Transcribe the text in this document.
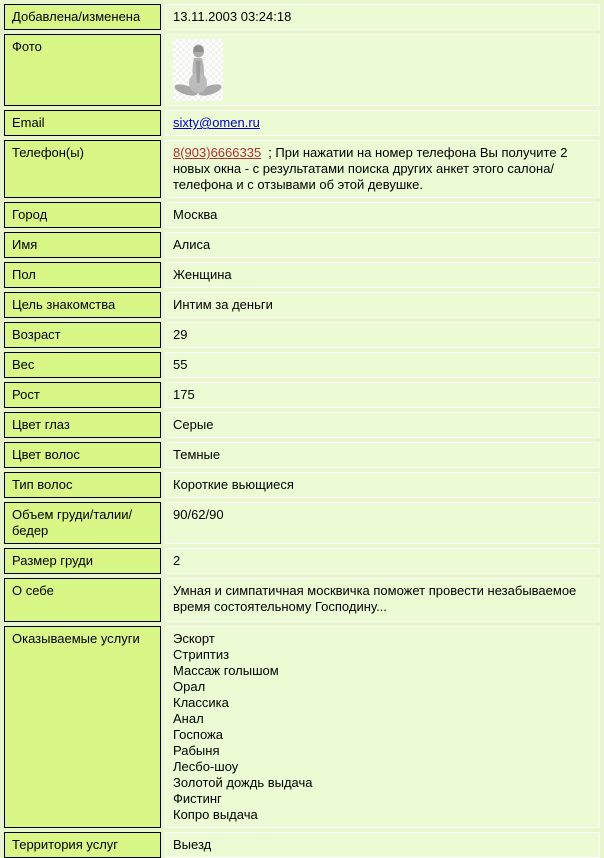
Добавлена/изменена	13.11.2003 03:24:18
Фото	

Email	sixty@omen.ru
Телефон(ы)	8(903)6666335 ; При нажатии на номер телефона Вы получите 2 новых окна - с результатами поиска других анкет этого салона/телефона и с отзывами об этой девушке.
Город	Москва
Имя	Алиса
Пол	Женщина
Цель знакомства	Интим за деньги
Возраст	29
Вес	55
Рост	175
Цвет глаз	Серые
Цвет волос	Темные
Тип волос	Короткие вьющиеся
Объем груди/талии/бедер	90/62/90
Размер груди	2
О себе	Умная и симпатичная москвичка поможет провести незабываемое время состоятельному Господину...
Оказываемые услуги	Эскорт
Стриптиз
Массаж голышом
Орал
Классика
Анал
Госпожа
Рабыня
Лесбо-шоу
Золотой дождь выдача
Фистинг
Копро выдача

Территория услуг	Выезд
